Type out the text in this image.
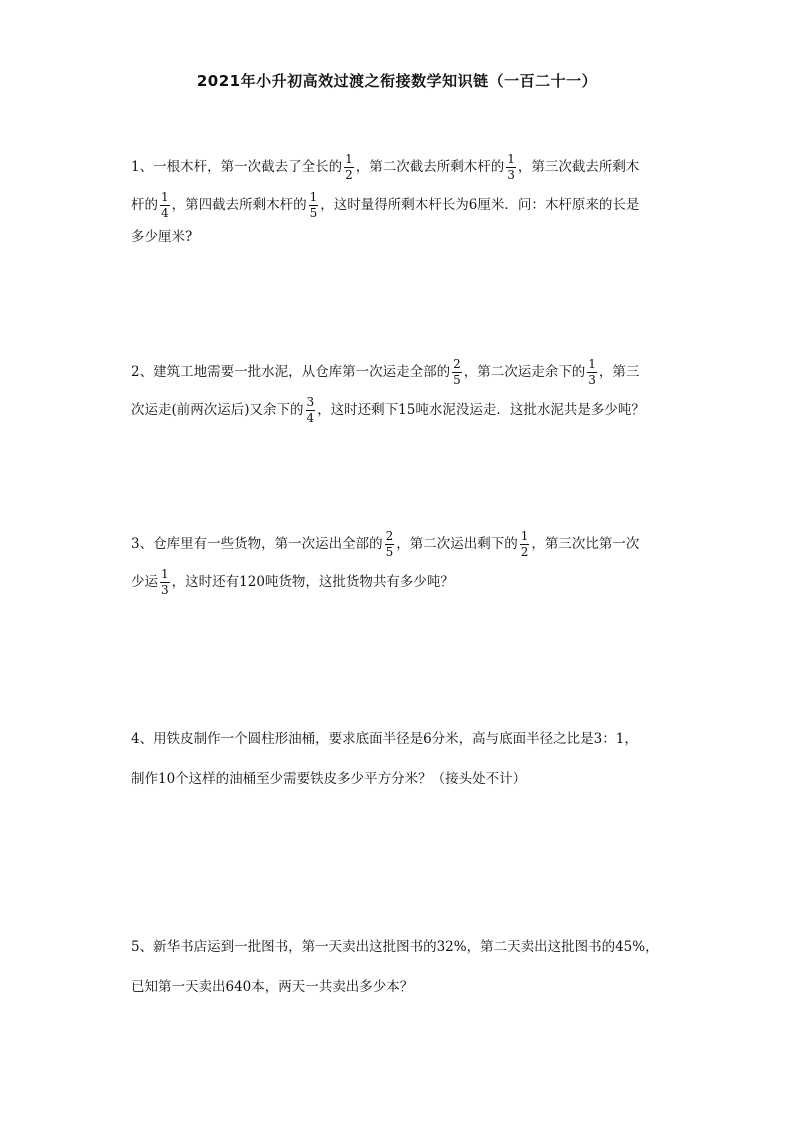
2021年小升初高效过渡之衔接数学知识链（一百二十一）
1、一根木杆，第一次截去了全长的 $\frac{1}{2}$ ，第二次截去所剩木杆的 $\frac{1}{3}$ ，第三次截去所剩木
杆的 $\frac{1}{4}$ ，第四截去所剩木杆的 $\frac{1}{5}$ ，这时量得所剩木杆长为6厘米．问：木杆原来的长是
多少厘米?
2、建筑工地需要一批水泥，从仓库第一次运走全部的 $\frac{2}{5}$ ，第二次运走余下的 $\frac{1}{3}$ ，第三
次运走(前两次运后)又余下的 $\frac{3}{4}$ ，这时还剩下15吨水泥没运走．这批水泥共是多少吨？
3、仓库里有一些货物，第一次运出全部的 $\frac{2}{5}$ ，第二次运出剩下的 $\frac{1}{2}$ ，第三次比第一次
少运 $\frac{1}{3}$ ，这时还有120吨货物，这批货物共有多少吨？
4、用铁皮制作一个圆柱形油桶，要求底面半径是6分米，高与底面半径之比是3：1，
制作10个这样的油桶至少需要铁皮多少平方分米？（接头处不计）
5、新华书店运到一批图书，第一天卖出这批图书的32%，第二天卖出这批图书的45%，
已知第一天卖出640本，两天一共卖出多少本？
